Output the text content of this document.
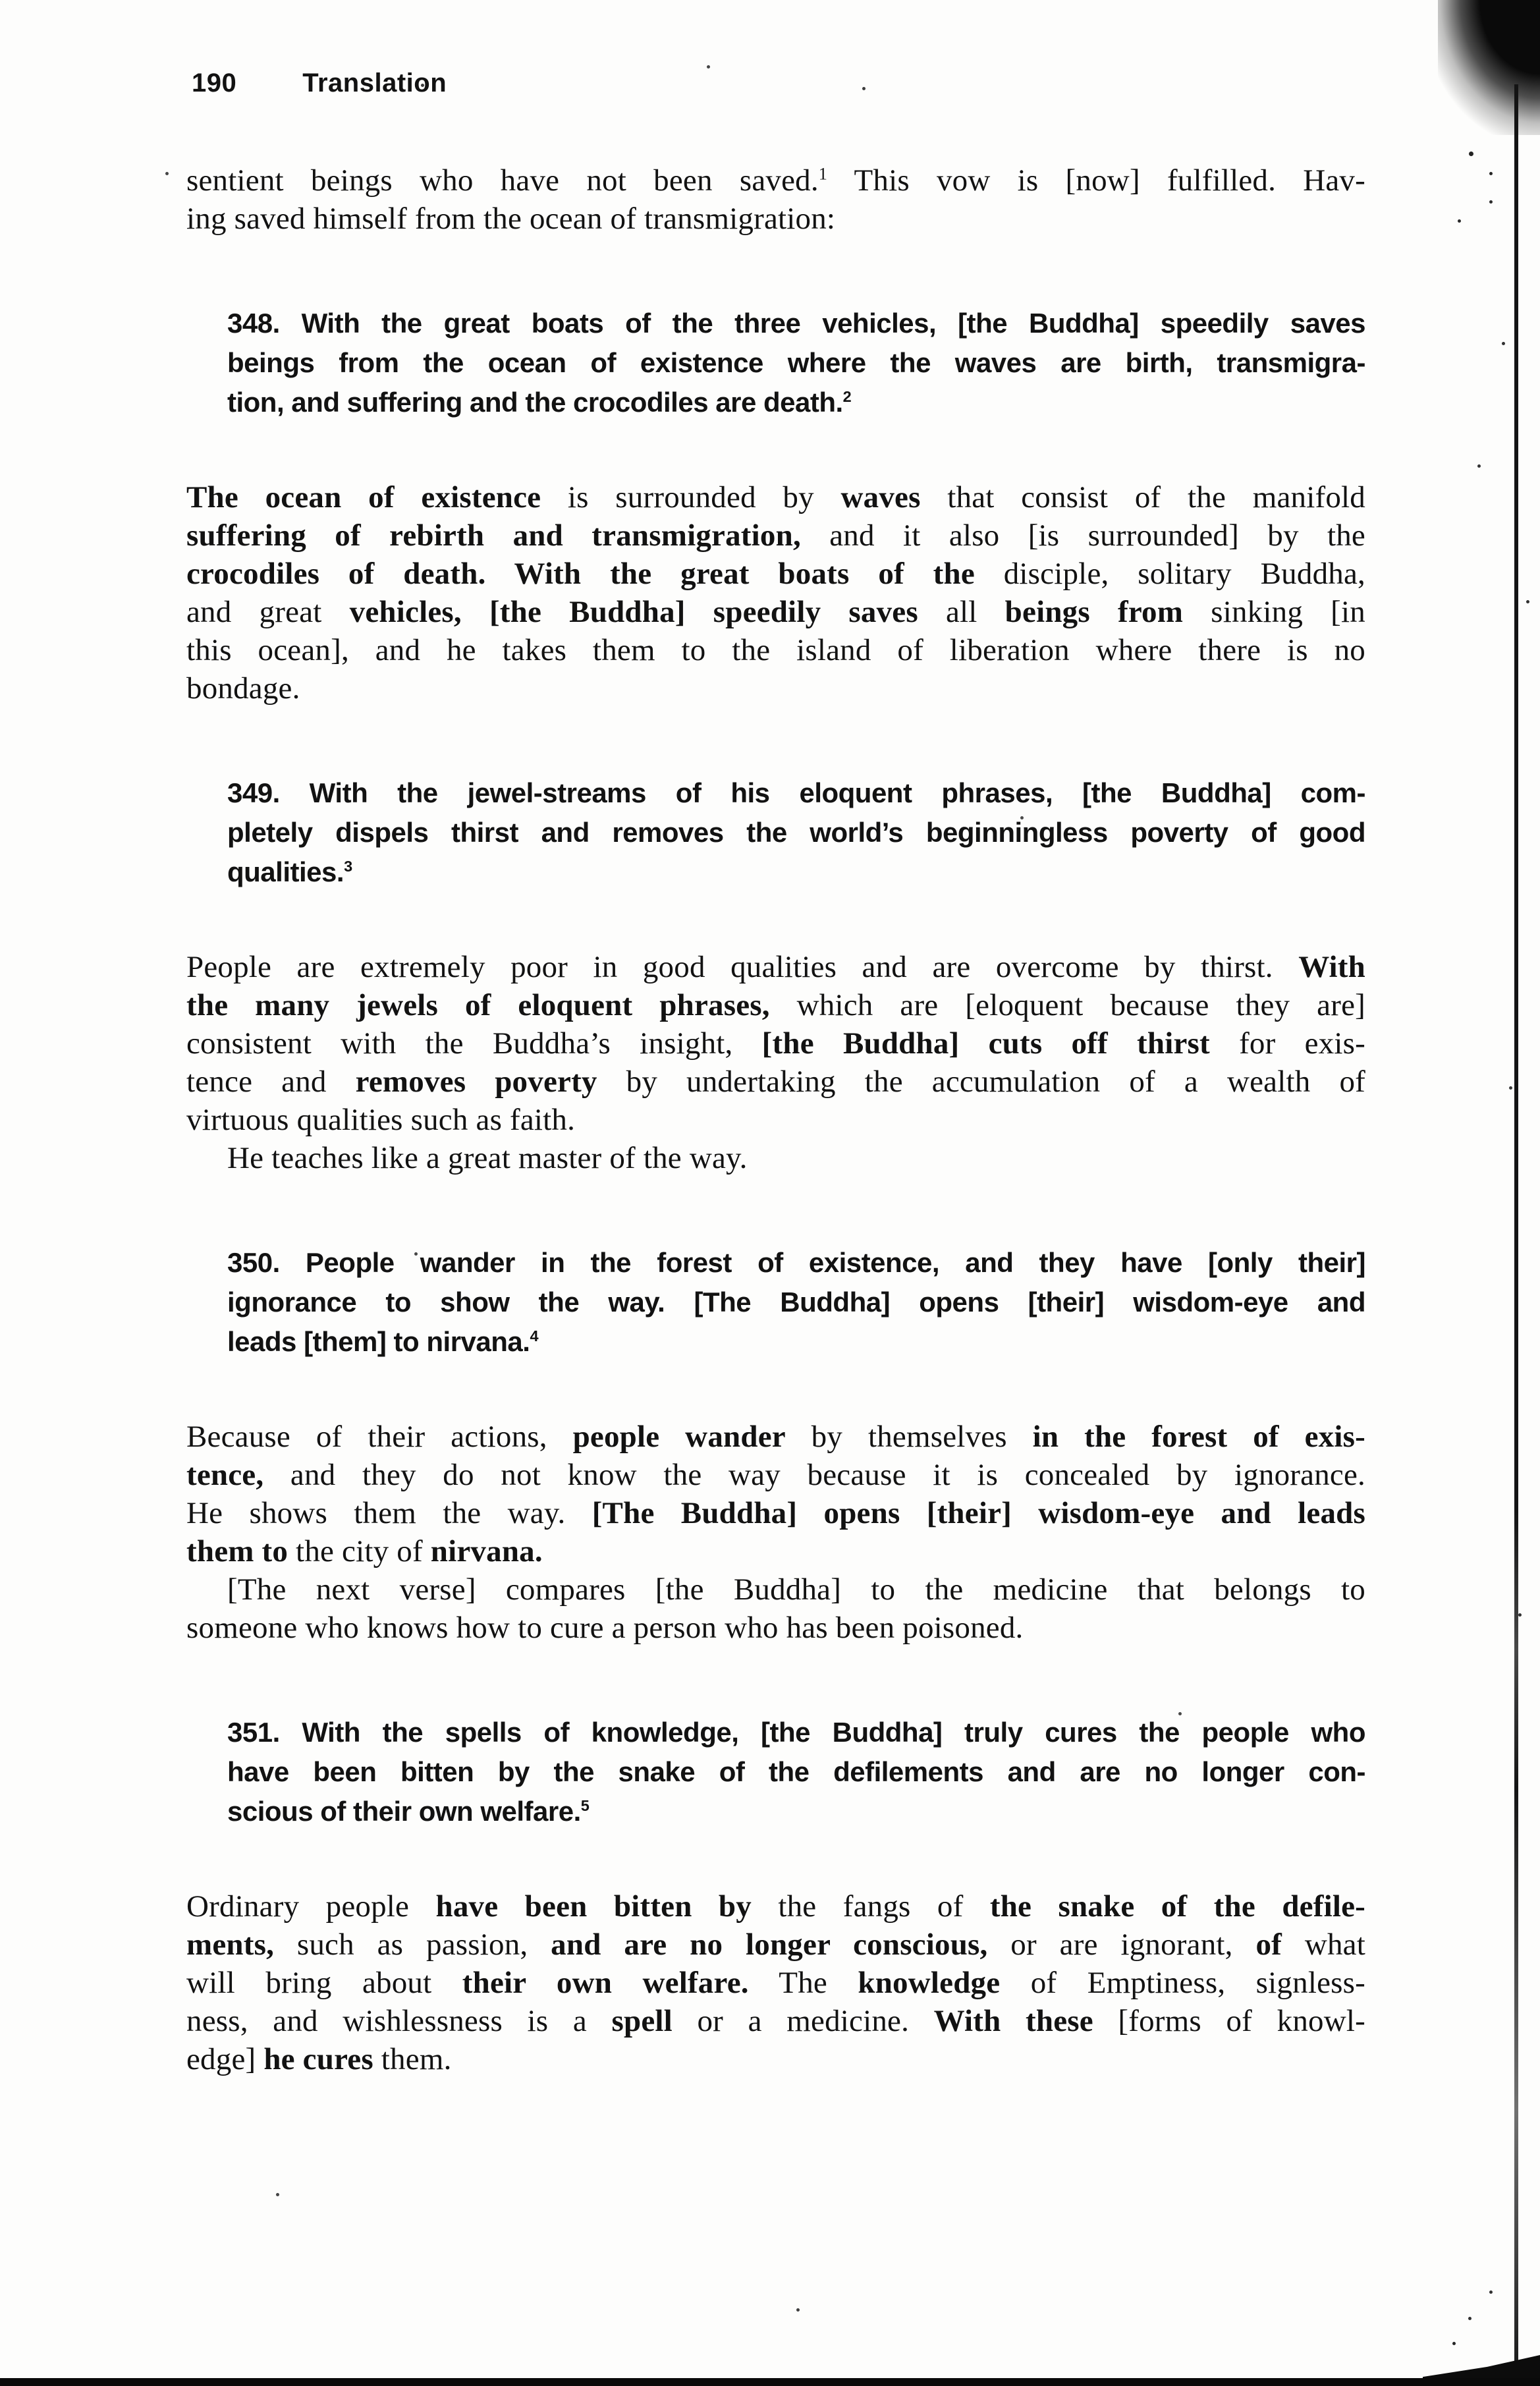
190	Translation
sentient beings who have not been saved.$^1$ This vow is [now] fulfilled. Hav-
ing saved himself from the ocean of transmigration:
348. With the great boats of the three vehicles, [the Buddha] speedily saves
beings from the ocean of existence where the waves are birth, transmigra-
tion, and suffering and the crocodiles are death.$^2$
The ocean of existence is surrounded by waves that consist of the manifold
suffering of rebirth and transmigration, and it also [is surrounded] by the
crocodiles of death. With the great boats of the disciple, solitary Buddha,
and great vehicles, [the Buddha] speedily saves all beings from sinking [in
this ocean], and he takes them to the island of liberation where there is no
bondage.
349. With the jewel-streams of his eloquent phrases, [the Buddha] com-
pletely dispels thirst and removes the world’s beginningless poverty of good
qualities.$^3$
People are extremely poor in good qualities and are overcome by thirst. With
the many jewels of eloquent phrases, which are [eloquent because they are]
consistent with the Buddha’s insight, [the Buddha] cuts off thirst for exis-
tence and removes poverty by undertaking the accumulation of a wealth of
virtuous qualities such as faith.
He teaches like a great master of the way.
350. People wander in the forest of existence, and they have [only their]
ignorance to show the way. [The Buddha] opens [their] wisdom-eye and
leads [them] to nirvana.$^4$
Because of their actions, people wander by themselves in the forest of exis-
tence, and they do not know the way because it is concealed by ignorance.
He shows them the way. [The Buddha] opens [their] wisdom-eye and leads
them to the city of nirvana.
[The next verse] compares [the Buddha] to the medicine that belongs to
someone who knows how to cure a person who has been poisoned.
351. With the spells of knowledge, [the Buddha] truly cures the people who
have been bitten by the snake of the defilements and are no longer con-
scious of their own welfare.$^5$
Ordinary people have been bitten by the fangs of the snake of the defile-
ments, such as passion, and are no longer conscious, or are ignorant, of what
will bring about their own welfare. The knowledge of Emptiness, signless-
ness, and wishlessness is a spell or a medicine. With these [forms of knowl-
edge] he cures them.
